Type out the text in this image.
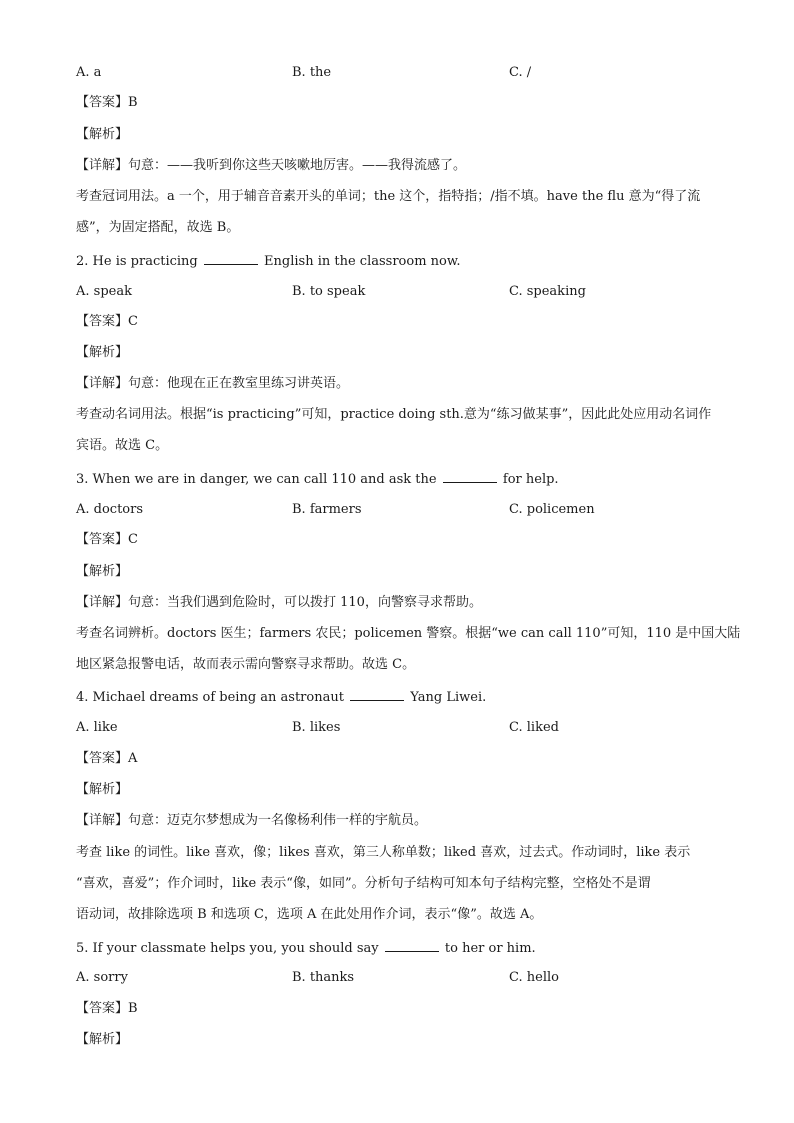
A. a	B. the	C. /
【答案】B
【解析】
【详解】句意：——我听到你这些天咳嗽地厉害。——我得流感了。
考查冠词用法。a 一个，用于辅音音素开头的单词；the 这个，指特指；/指不填。have the flu 意为“得了流
感”，为固定搭配，故选 B。
2. He is practicing	English in the classroom now.
A. speak	B. to speak	C. speaking
【答案】C
【解析】
【详解】句意：他现在正在教室里练习讲英语。
考查动名词用法。根据“is practicing”可知，practice doing sth.意为“练习做某事”，因此此处应用动名词作
宾语。故选 C。
3. When we are in danger, we can call 110 and ask the	for help.
A. doctors	B. farmers	C. policemen
【答案】C
【解析】
【详解】句意：当我们遇到危险时，可以拨打 110，向警察寻求帮助。
考查名词辨析。doctors 医生；farmers 农民；policemen 警察。根据“we can call 110”可知，110 是中国大陆
地区紧急报警电话，故而表示需向警察寻求帮助。故选 C。
4. Michael dreams of being an astronaut	Yang Liwei.
A. like	B. likes	C. liked
【答案】A
【解析】
【详解】句意：迈克尔梦想成为一名像杨利伟一样的宇航员。
考查 like 的词性。like 喜欢，像；likes 喜欢，第三人称单数；liked 喜欢，过去式。作动词时，like 表示
“喜欢，喜爱”；作介词时，like 表示“像，如同”。分析句子结构可知本句子结构完整，空格处不是谓
语动词，故排除选项 B 和选项 C，选项 A 在此处用作介词，表示“像”。故选 A。
5. If your classmate helps you, you should say	to her or him.
A. sorry	B. thanks	C. hello
【答案】B
【解析】
